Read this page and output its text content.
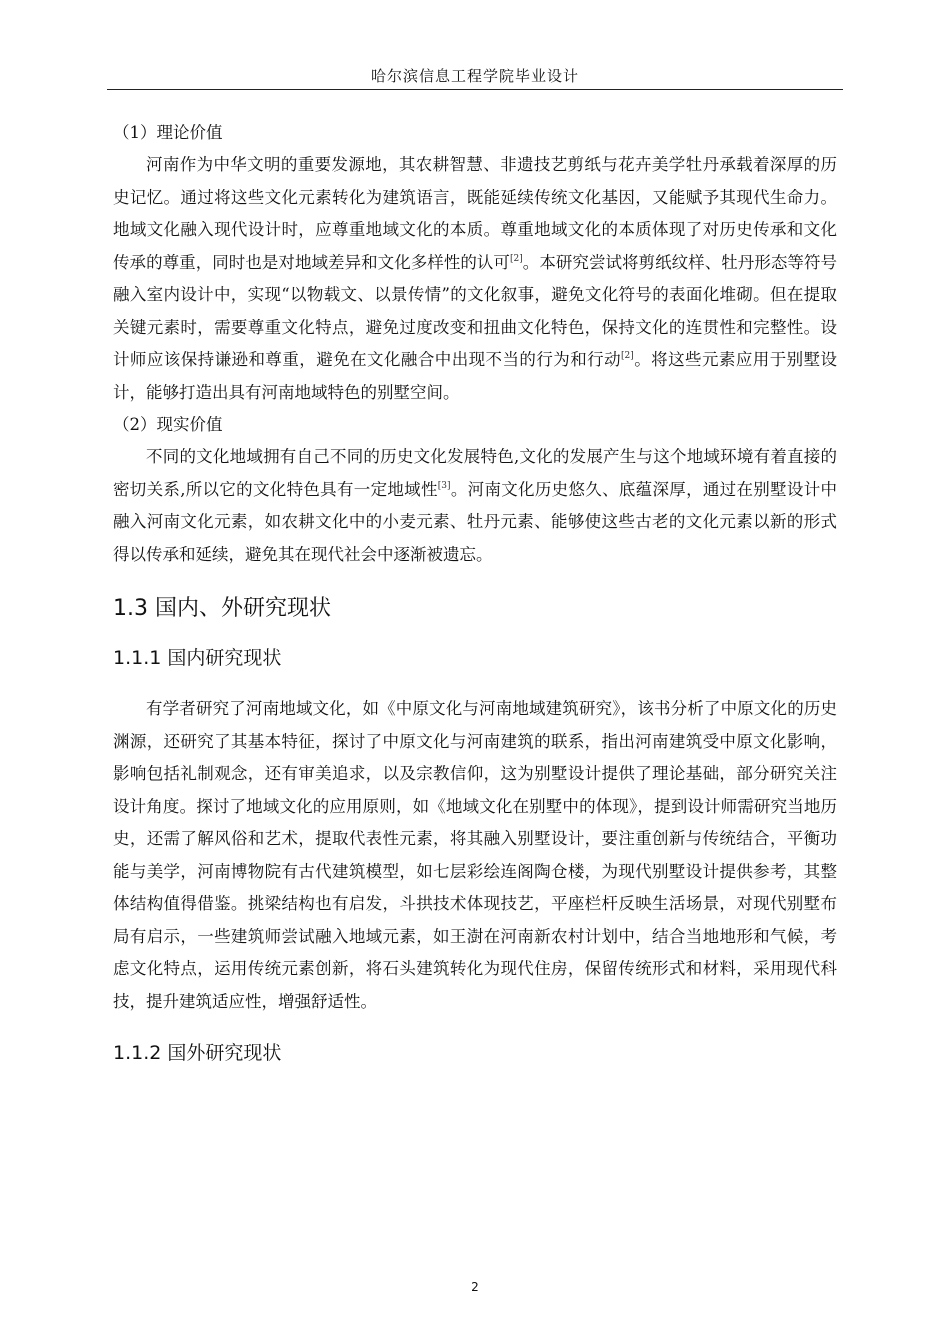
哈尔滨信息工程学院毕业设计

（1）理论价值

河南作为中华文明的重要发源地，其农耕智慧、非遗技艺剪纸与花卉美学牡丹承载着深厚的历史记忆。通过将这些文化元素转化为建筑语言，既能延续传统文化基因，又能赋予其现代生命力。地域文化融入现代设计时，应尊重地域文化的本质。尊重地域文化的本质体现了对历史传承和文化传承的尊重，同时也是对地域差异和文化多样性的认可[2]。本研究尝试将剪纸纹样、牡丹形态等符号融入室内设计中，实现“以物载文、以景传情”的文化叙事，避免文化符号的表面化堆砌。但在提取关键元素时，需要尊重文化特点，避免过度改变和扭曲文化特色，保持文化的连贯性和完整性。设计师应该保持谦逊和尊重，避免在文化融合中出现不当的行为和行动[2]。将这些元素应用于别墅设计，能够打造出具有河南地域特色的别墅空间。

（2）现实价值

不同的文化地域拥有自己不同的历史文化发展特色,文化的发展产生与这个地域环境有着直接的密切关系,所以它的文化特色具有一定地域性[3]。河南文化历史悠久、底蕴深厚，通过在别墅设计中融入河南文化元素，如农耕文化中的小麦元素、牡丹元素、能够使这些古老的文化元素以新的形式得以传承和延续，避免其在现代社会中逐渐被遗忘。

1.3 国内、外研究现状
1.1.1 国内研究现状

有学者研究了河南地域文化，如《中原文化与河南地域建筑研究》，该书分析了中原文化的历史渊源，还研究了其基本特征，探讨了中原文化与河南建筑的联系，指出河南建筑受中原文化影响，影响包括礼制观念，还有审美追求，以及宗教信仰，这为别墅设计提供了理论基础，部分研究关注设计角度。探讨了地域文化的应用原则，如《地域文化在别墅中的体现》，提到设计师需研究当地历史，还需了解风俗和艺术，提取代表性元素，将其融入别墅设计，要注重创新与传统结合，平衡功能与美学，河南博物院有古代建筑模型，如七层彩绘连阁陶仓楼，为现代别墅设计提供参考，其整体结构值得借鉴。挑梁结构也有启发，斗拱技术体现技艺，平座栏杆反映生活场景，对现代别墅布局有启示，一些建筑师尝试融入地域元素，如王澍在河南新农村计划中，结合当地地形和气候，考虑文化特点，运用传统元素创新，将石头建筑转化为现代住房，保留传统形式和材料，采用现代科技，提升建筑适应性，增强舒适性。

1.1.2 国外研究现状
2
